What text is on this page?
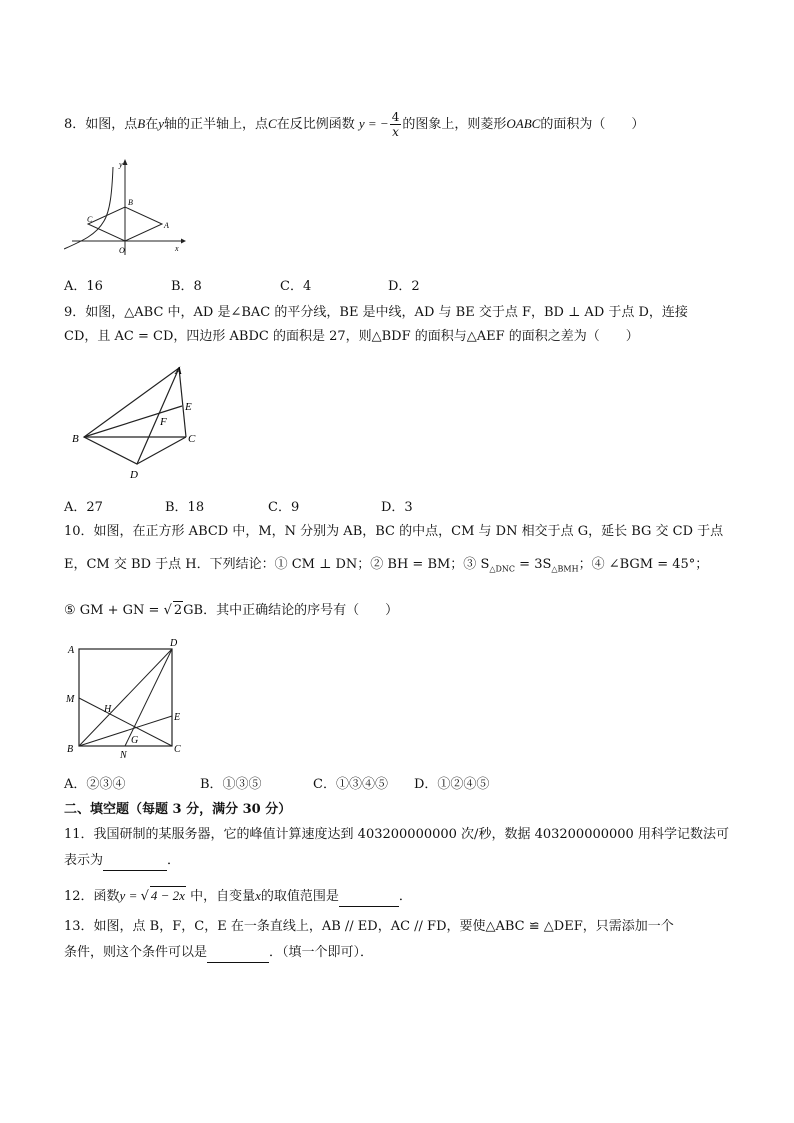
8．如图，点B在y轴的正半轴上，点C在反比例函数 y = − $\frac{4}{x}$ 的图象上，则菱形OABC的面积为（　　）
y
x
B
C
A
O
A．16	B．8	C．4	D．2
9．如图，△ABC 中，AD 是∠BAC 的平分线，BE 是中线，AD 与 BE 交于点 F，BD ⊥ AD 于点 D，连接
CD，且 AC = CD，四边形 ABDC 的面积是 27，则△BDF 的面积与△AEF 的面积之差为（　　）
A
E
F
B	C
D
A．27	B．18	C．9	D．3
10．如图，在正方形 ABCD 中，M，N 分别为 AB，BC 的中点，CM 与 DN 相交于点 G，延长 BG 交 CD 于点
E，CM 交 BD 于点 H．下列结论：① CM ⊥ DN；② BH = BM；③ $S_{\triangle DNC} = 3S_{\triangle BMH}$；④ ∠BGM = 45°；
⑤ GM + GN = √ 2GB．其中正确结论的序号有（　　）
A
D
M
H
E
G
B
N
C
A．②③④	B．①③⑤	C．①③④⑤ D．①②④⑤
二、填空题（每题 3 分，满分 30 分）
11．我国研制的某服务器，它的峰值计算速度达到 403200000000 次/秒，数据 403200000000 用科学记数法可
表示为	．
12．函数y = √ 4 − 2x 中，自变量x的取值范围是	．
13．如图，点 B，F，C，E 在一条直线上，AB // ED，AC // FD，要使△ABC ≌ △DEF，只需添加一个
条件，则这个条件可以是	．（填一个即可）．
